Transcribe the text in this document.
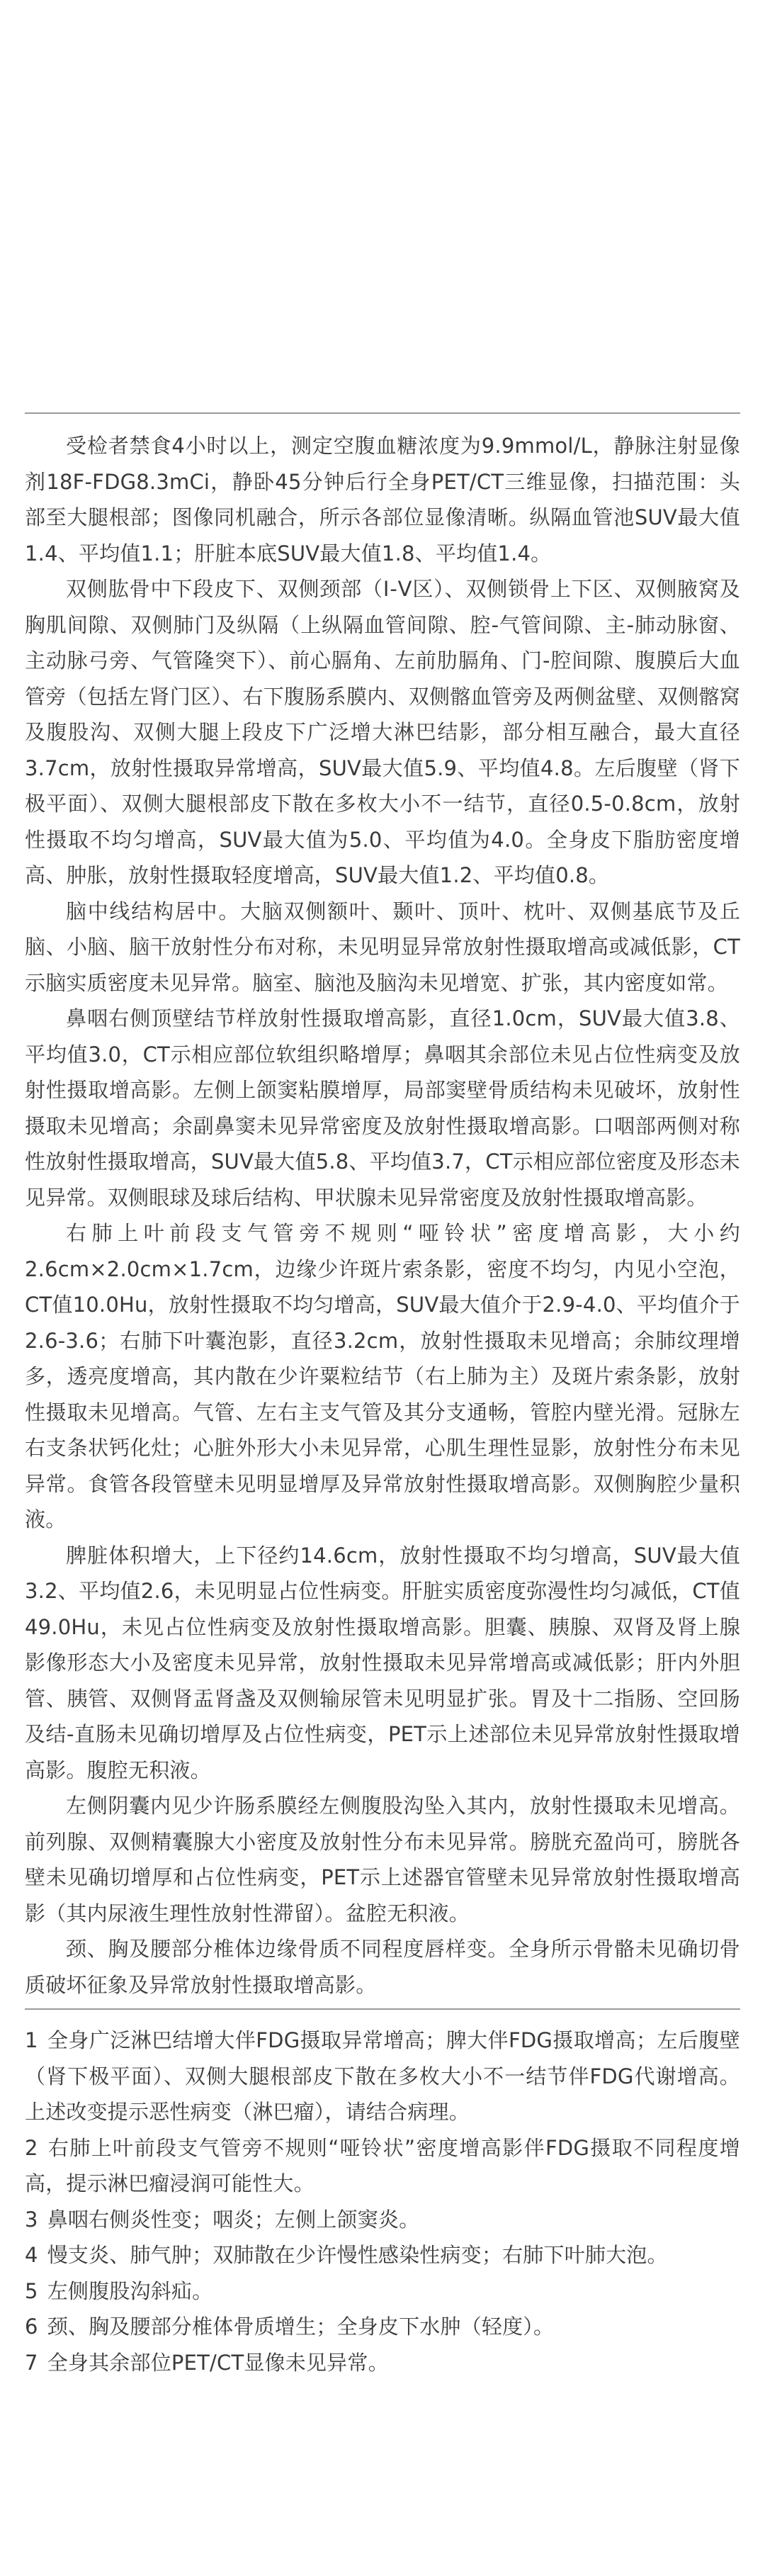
受检者禁食4小时以上，测定空腹血糖浓度为9.9mmol/L，静脉注射显像剂18F-FDG8.3mCi，静卧45分钟后行全身PET/CT三维显像，扫描范围：头部至大腿根部；图像同机融合，所示各部位显像清晰。纵隔血管池SUV最大值1.4、平均值1.1；肝脏本底SUV最大值1.8、平均值1.4。

双侧肱骨中下段皮下、双侧颈部（Ⅰ-Ⅴ区）、双侧锁骨上下区、双侧腋窝及胸肌间隙、双侧肺门及纵隔（上纵隔血管间隙、腔-气管间隙、主-肺动脉窗、主动脉弓旁、气管隆突下）、前心膈角、左前肋膈角、门-腔间隙、腹膜后大血管旁（包括左肾门区）、右下腹肠系膜内、双侧髂血管旁及两侧盆壁、双侧髂窝及腹股沟、双侧大腿上段皮下广泛增大淋巴结影，部分相互融合，最大直径3.7cm，放射性摄取异常增高，SUV最大值5.9、平均值4.8。左后腹壁（肾下极平面）、双侧大腿根部皮下散在多枚大小不一结节，直径0.5-0.8cm，放射性摄取不均匀增高，SUV最大值为5.0、平均值为4.0。全身皮下脂肪密度增高、肿胀，放射性摄取轻度增高，SUV最大值1.2、平均值0.8。

脑中线结构居中。大脑双侧额叶、颞叶、顶叶、枕叶、双侧基底节及丘脑、小脑、脑干放射性分布对称，未见明显异常放射性摄取增高或减低影，CT示脑实质密度未见异常。脑室、脑池及脑沟未见增宽、扩张，其内密度如常。

鼻咽右侧顶壁结节样放射性摄取增高影，直径1.0cm，SUV最大值3.8、平均值3.0，CT示相应部位软组织略增厚；鼻咽其余部位未见占位性病变及放射性摄取增高影。左侧上颌窦粘膜增厚，局部窦壁骨质结构未见破坏，放射性摄取未见增高；余副鼻窦未见异常密度及放射性摄取增高影。口咽部两侧对称性放射性摄取增高，SUV最大值5.8、平均值3.7，CT示相应部位密度及形态未见异常。双侧眼球及球后结构、甲状腺未见异常密度及放射性摄取增高影。

右肺上叶前段支气管旁不规则“哑铃状”密度增高影，大小约2.6cm×2.0cm×1.7cm，边缘少许斑片索条影，密度不均匀，内见小空泡，CT值10.0Hu，放射性摄取不均匀增高，SUV最大值介于2.9-4.0、平均值介于2.6-3.6；右肺下叶囊泡影，直径3.2cm，放射性摄取未见增高；余肺纹理增多，透亮度增高，其内散在少许粟粒结节（右上肺为主）及斑片索条影，放射性摄取未见增高。气管、左右主支气管及其分支通畅，管腔内壁光滑。冠脉左右支条状钙化灶；心脏外形大小未见异常，心肌生理性显影，放射性分布未见异常。食管各段管壁未见明显增厚及异常放射性摄取增高影。双侧胸腔少量积液。

脾脏体积增大，上下径约14.6cm，放射性摄取不均匀增高，SUV最大值3.2、平均值2.6，未见明显占位性病变。肝脏实质密度弥漫性均匀减低，CT值49.0Hu，未见占位性病变及放射性摄取增高影。胆囊、胰腺、双肾及肾上腺影像形态大小及密度未见异常，放射性摄取未见异常增高或减低影；肝内外胆管、胰管、双侧肾盂肾盏及双侧输尿管未见明显扩张。胃及十二指肠、空回肠及结-直肠未见确切增厚及占位性病变，PET示上述部位未见异常放射性摄取增高影。腹腔无积液。

左侧阴囊内见少许肠系膜经左侧腹股沟坠入其内，放射性摄取未见增高。前列腺、双侧精囊腺大小密度及放射性分布未见异常。膀胱充盈尚可，膀胱各壁未见确切增厚和占位性病变，PET示上述器官管壁未见异常放射性摄取增高影（其内尿液生理性放射性滞留）。盆腔无积液。

颈、胸及腰部分椎体边缘骨质不同程度唇样变。全身所示骨骼未见确切骨质破坏征象及异常放射性摄取增高影。

1 全身广泛淋巴结增大伴FDG摄取异常增高；脾大伴FDG摄取增高；左后腹壁（肾下极平面）、双侧大腿根部皮下散在多枚大小不一结节伴FDG代谢增高。上述改变提示恶性病变（淋巴瘤），请结合病理。

2 右肺上叶前段支气管旁不规则“哑铃状”密度增高影伴FDG摄取不同程度增高，提示淋巴瘤浸润可能性大。

3 鼻咽右侧炎性变；咽炎；左侧上颌窦炎。

4 慢支炎、肺气肿；双肺散在少许慢性感染性病变；右肺下叶肺大泡。

5 左侧腹股沟斜疝。

6 颈、胸及腰部分椎体骨质增生；全身皮下水肿（轻度）。

7 全身其余部位PET/CT显像未见异常。
